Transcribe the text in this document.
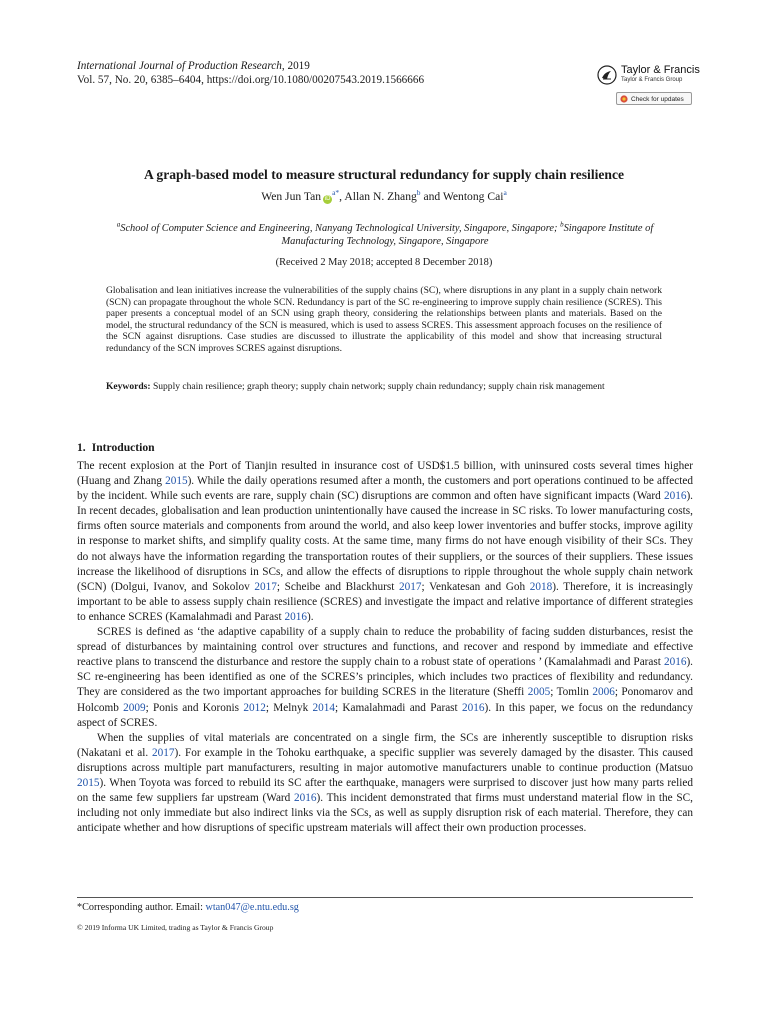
International Journal of Production Research, 2019
Vol. 57, No. 20, 6385–6404, https://doi.org/10.1080/00207543.2019.1566666
Taylor & Francis
Taylor & Francis Group
Check for updates
A graph-based model to measure structural redundancy for supply chain resilience
Wen Jun Tan $iD^{a*}$, Allan N. Zhang$^b$ and Wentong Cai$^a$
$^a$School of Computer Science and Engineering, Nanyang Technological University, Singapore, Singapore; $^b$Singapore Institute of Manufacturing Technology, Singapore, Singapore
(Received 2 May 2018; accepted 8 December 2018)
Globalisation and lean initiatives increase the vulnerabilities of the supply chains (SC), where disruptions in any plant in a supply chain network (SCN) can propagate throughout the whole SCN. Redundancy is part of the SC re-engineering to improve supply chain resilience (SCRES). This paper presents a conceptual model of an SCN using graph theory, considering the relationships between plants and materials. Based on the model, the structural redundancy of the SCN is measured, which is used to assess SCRES. This assessment approach focuses on the resilience of the SCN against disruptions. Case studies are discussed to illustrate the applicability of this model and show that increasing structural redundancy of the SCN improves SCRES against disruptions.
Keywords: Supply chain resilience; graph theory; supply chain network; supply chain redundancy; supply chain risk management
1. Introduction

The recent explosion at the Port of Tianjin resulted in insurance cost of USD$1.5 billion, with uninsured costs several times higher (Huang and Zhang 2015). While the daily operations resumed after a month, the customers and port operations continued to be affected by the incident. While such events are rare, supply chain (SC) disruptions are common and often have significant impacts (Ward 2016). In recent decades, globalisation and lean production unintentionally have caused the increase in SC risks. To lower manufacturing costs, firms often source materials and components from around the world, and also keep lower inventories and buffer stocks, improve agility in response to market shifts, and simplify quality costs. At the same time, many firms do not have enough visibility of their SCs. They do not always have the information regarding the transportation routes of their suppliers, or the sources of their suppliers. These issues increase the likelihood of disruptions in SCs, and allow the effects of disruptions to ripple throughout the whole supply chain network (SCN) (Dolgui, Ivanov, and Sokolov 2017; Scheibe and Blackhurst 2017; Venkatesan and Goh 2018). Therefore, it is increasingly important to be able to assess supply chain resilience (SCRES) and investigate the impact and relative importance of different strategies to enhance SCRES (Kamalahmadi and Parast 2016).

SCRES is defined as ‘the adaptive capability of a supply chain to reduce the probability of facing sudden disturbances, resist the spread of disturbances by maintaining control over structures and functions, and recover and respond by immediate and effective reactive plans to transcend the disturbance and restore the supply chain to a robust state of operations ’ (Kamalahmadi and Parast 2016). SC re-engineering has been identified as one of the SCRES’s principles, which includes two practices of flexibility and redundancy. They are considered as the two important approaches for building SCRES in the literature (Sheffi 2005; Tomlin 2006; Ponomarov and Holcomb 2009; Ponis and Koronis 2012; Melnyk 2014; Kamalahmadi and Parast 2016). In this paper, we focus on the redundancy aspect of SCRES.

When the supplies of vital materials are concentrated on a single firm, the SCs are inherently susceptible to disruption risks (Nakatani et al. 2017). For example in the Tohoku earthquake, a specific supplier was severely damaged by the disaster. This caused disruptions across multiple part manufacturers, resulting in major automotive manufacturers unable to continue production (Matsuo 2015). When Toyota was forced to rebuild its SC after the earthquake, managers were surprised to discover just how many parts relied on the same few suppliers far upstream (Ward 2016). This incident demonstrated that firms must understand material flow in the SC, including not only immediate but also indirect links via the SCs, as well as supply disruption risk of each material. Therefore, they can anticipate whether and how disruptions of specific upstream materials will affect their own production processes.

*Corresponding author. Email: wtan047@e.ntu.edu.sg
© 2019 Informa UK Limited, trading as Taylor & Francis Group
